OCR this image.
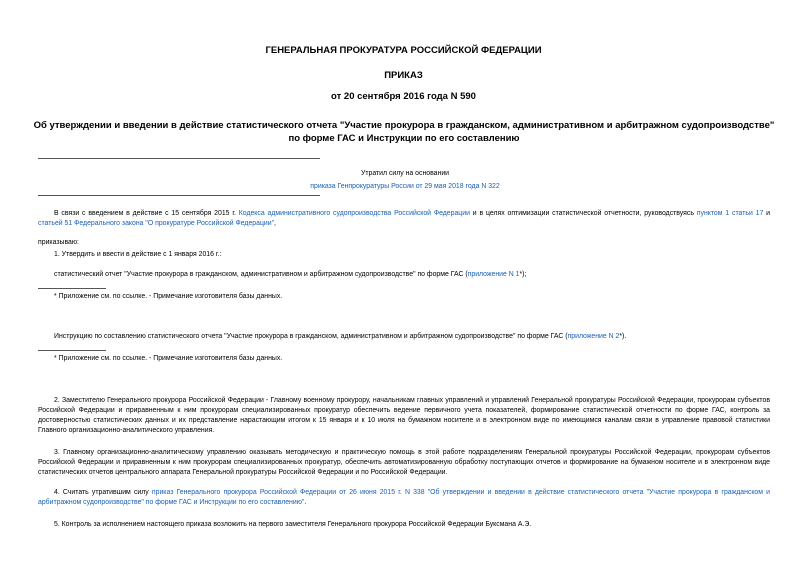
ГЕНЕРАЛЬНАЯ ПРОКУРАТУРА РОССИЙСКОЙ ФЕДЕРАЦИИ
ПРИКАЗ
от 20 сентября 2016 года N 590
Об утверждении и введении в действие статистического отчета "Участие прокурора в гражданском, административном и арбитражном судопроизводстве" по форме ГАС и Инструкции по его составлению
Утратил силу на основании
приказа Генпрокуратуры России от 29 мая 2018 года N 322
В связи с введением в действие с 15 сентября 2015 г. Кодекса административного судопроизводства Российской Федерации и в целях оптимизации статистической отчетности, руководствуясь пунктом 1 статьи 17 и статьей 51 Федерального закона "О прокуратуре Российской Федерации",
приказываю:
1. Утвердить и ввести в действие с 1 января 2016 г.:
статистический отчет "Участие прокурора в гражданском, административном и арбитражном судопроизводстве" по форме ГАС (приложение N 1*);
* Приложение см. по ссылке. - Примечание изготовителя базы данных.
Инструкцию по составлению статистического отчета "Участие прокурора в гражданском, административном и арбитражном судопроизводстве" по форме ГАС (приложение N 2*).
* Приложение см. по ссылке. - Примечание изготовителя базы данных.
2. Заместителю Генерального прокурора Российской Федерации - Главному военному прокурору, начальникам главных управлений и управлений Генеральной прокуратуры Российской Федерации, прокурорам субъектов Российской Федерации и приравненным к ним прокурорам специализированных прокуратур обеспечить ведение первичного учета показателей, формирование статистической отчетности по форме ГАС, контроль за достоверностью статистических данных и их представление нарастающим итогом к 15 января и к 10 июля на бумажном носителе и в электронном виде по имеющимся каналам связи в управление правовой статистики Главного организационно-аналитического управления.
3. Главному организационно-аналитическому управлению оказывать методическую и практическую помощь в этой работе подразделениям Генеральной прокуратуры Российской Федерации, прокурорам субъектов Российской Федерации и приравненным к ним прокурорам специализированных прокуратур, обеспечить автоматизированную обработку поступающих отчетов и формирование на бумажном носителе и в электронном виде статистических отчетов центрального аппарата Генеральной прокуратуры Российской Федерации и по Российской Федерации.
4. Считать утратившим силу приказ Генерального прокурора Российской Федерации от 26 июня 2015 г. N 338 "Об утверждении и введении в действие статистического отчета "Участие прокурора в гражданском и арбитражном судопроизводстве" по форме ГАС и Инструкции по его составлению".
5. Контроль за исполнением настоящего приказа возложить на первого заместителя Генерального прокурора Российской Федерации Буксмана А.Э.
